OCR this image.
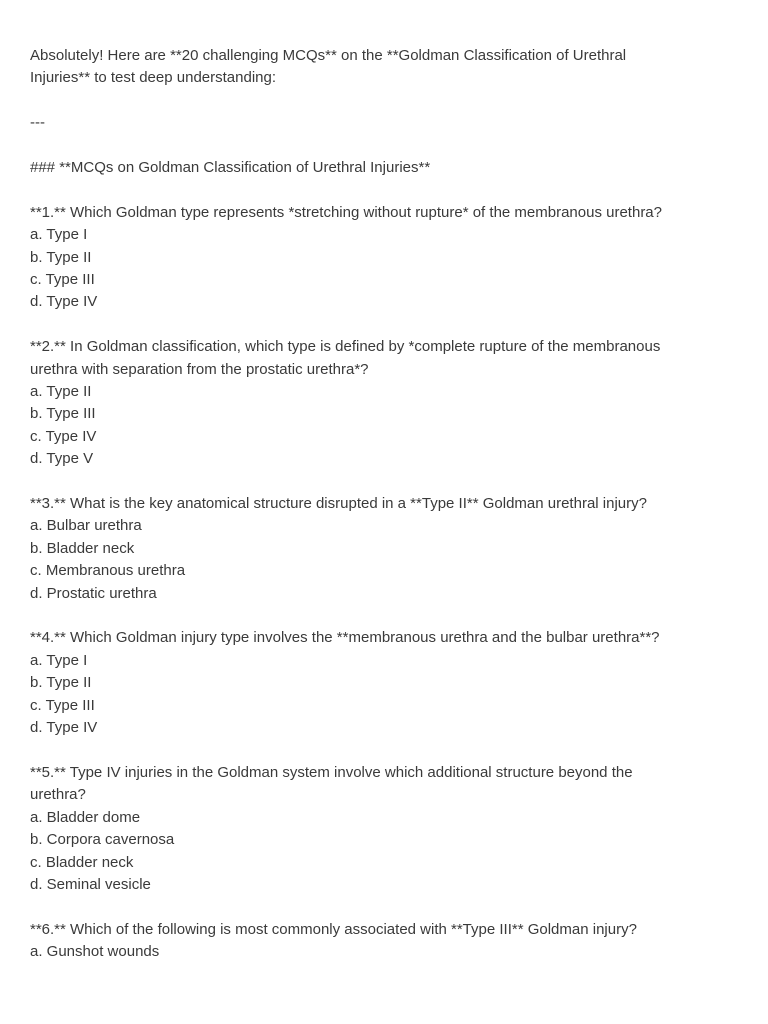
Absolutely! Here are **20 challenging MCQs** on the **Goldman Classification of Urethral
Injuries** to test deep understanding:
---
### **MCQs on Goldman Classification of Urethral Injuries**
**1.** Which Goldman type represents *stretching without rupture* of the membranous urethra?
a. Type I
b. Type II
c. Type III
d. Type IV
**2.** In Goldman classification, which type is defined by *complete rupture of the membranous
urethra with separation from the prostatic urethra*?
a. Type II
b. Type III
c. Type IV
d. Type V
**3.** What is the key anatomical structure disrupted in a **Type II** Goldman urethral injury?
a. Bulbar urethra
b. Bladder neck
c. Membranous urethra
d. Prostatic urethra
**4.** Which Goldman injury type involves the **membranous urethra and the bulbar urethra**?
a. Type I
b. Type II
c. Type III
d. Type IV
**5.** Type IV injuries in the Goldman system involve which additional structure beyond the
urethra?
a. Bladder dome
b. Corpora cavernosa
c. Bladder neck
d. Seminal vesicle
**6.** Which of the following is most commonly associated with **Type III** Goldman injury?
a. Gunshot wounds
